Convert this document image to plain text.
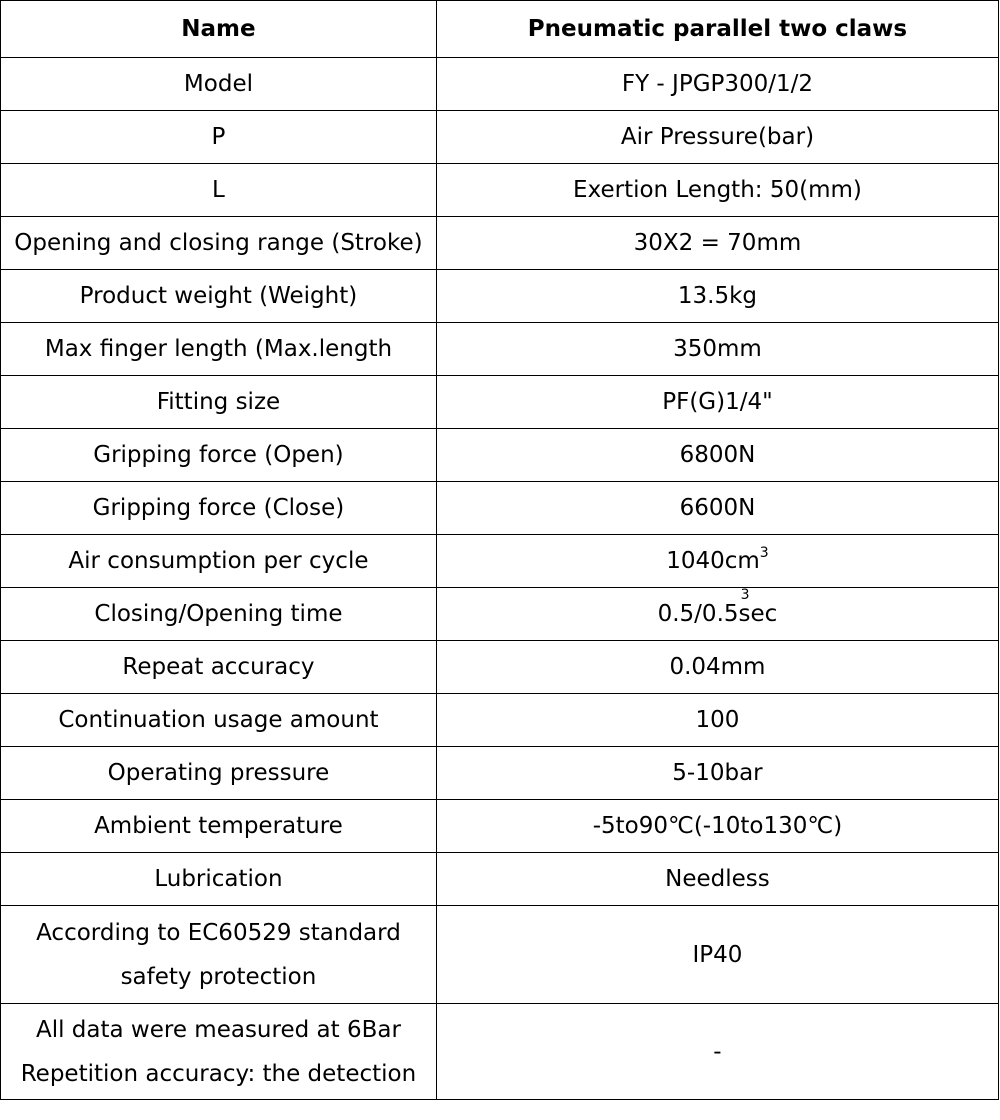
Name	Pneumatic parallel two claws
Model	FY - JPGP300/1/2
P	Air Pressure(bar)
L	Exertion Length: 50(mm)
Opening and closing range (Stroke)	30X2 = 70mm
Product weight (Weight)	13.5kg
Max finger length (Max.length	350mm
Fitting size	PF(G)1/4"
Gripping force (Open)	6800N
Gripping force (Close)	6600N
Air consumption per cycle	$1040cm^3$
Closing/Opening time	0.5/0.5sec
3

Repeat accuracy	0.04mm
Continuation usage amount	100
Operating pressure	5-10bar
Ambient temperature	-5to90℃(-10to130℃)
Lubrication	Needless

According to EC60529 standard
safety protection	IP40

All data were measured at 6Bar
Repetition accuracy: the detection	-
